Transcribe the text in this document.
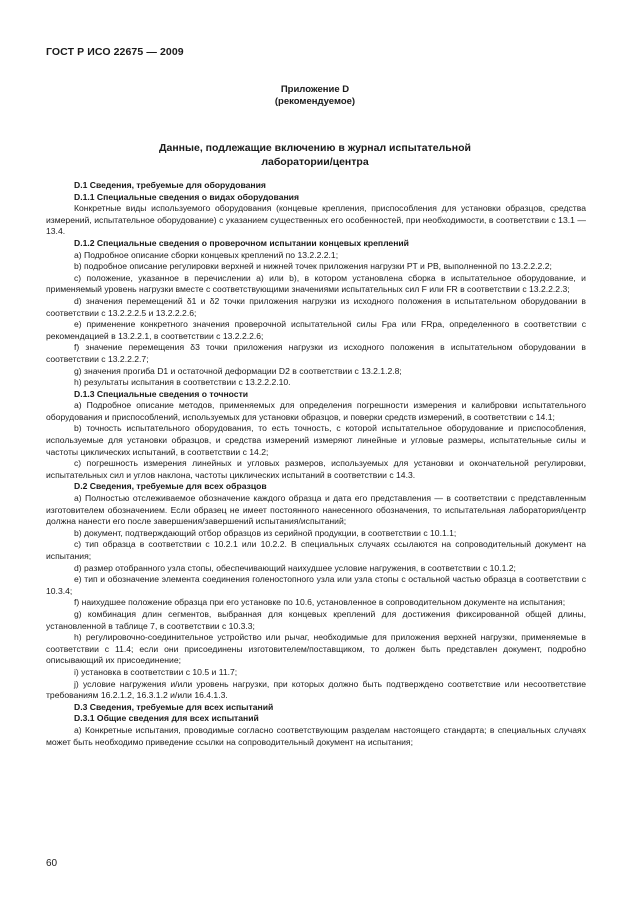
ГОСТ Р ИСО 22675 — 2009
Приложение D
(рекомендуемое)
Данные, подлежащие включению в журнал испытательной
лаборатории/центра
D.1 Сведения, требуемые для оборудования
D.1.1 Специальные сведения о видах оборудования
Конкретные виды используемого оборудования (концевые крепления, приспособления для установки образцов, средства измерений, испытательное оборудование) с указанием существенных его особенностей, при необходимости, в соответствии с 13.1 — 13.4.
D.1.2 Специальные сведения о проверочном испытании концевых креплений
а) Подробное описание сборки концевых креплений по 13.2.2.2.1;
b) подробное описание регулировки верхней и нижней точек приложения нагрузки PT и PB, выполненной по 13.2.2.2.2;
c) положение, указанное в перечислении а) или b), в котором установлена сборка в испытательное оборудование, и применяемый уровень нагрузки вместе с соответствующими значениями испытательных сил F или FR в соответствии с 13.2.2.2.3;
d) значения перемещений δ1 и δ2 точки приложения нагрузки из исходного положения в испытательном оборудовании в соответствии с 13.2.2.2.5 и 13.2.2.2.6;
е) применение конкретного значения проверочной испытательной силы Fpa или FRpa, определенного в соответствии с рекомендацией в 13.2.2.1, в соответствии с 13.2.2.2.6;
f) значение перемещения δ3 точки приложения нагрузки из исходного положения в испытательном оборудовании в соответствии с 13.2.2.2.7;
g) значения прогиба D1 и остаточной деформации D2 в соответствии с 13.2.1.2.8;
h) результаты испытания в соответствии с 13.2.2.2.10.
D.1.3 Специальные сведения о точности
а) Подробное описание методов, применяемых для определения погрешности измерения и калибровки испытательного оборудования и приспособлений, используемых для установки образцов, и поверки средств измерений, в соответствии с 14.1;
b) точность испытательного оборудования, то есть точность, с которой испытательное оборудование и приспособления, используемые для установки образцов, и средства измерений измеряют линейные и угловые размеры, испытательные силы и частоты циклических испытаний, в соответствии с 14.2;
c) погрешность измерения линейных и угловых размеров, используемых для установки и окончательной регулировки, испытательных сил и углов наклона, частоты циклических испытаний в соответствии с 14.3.
D.2 Сведения, требуемые для всех образцов
а) Полностью отслеживаемое обозначение каждого образца и дата его представления — в соответствии с представленным изготовителем обозначением. Если образец не имеет постоянного нанесенного обозначения, то испытательная лаборатория/центр должна нанести его после завершения/завершений испытания/испытаний;
b) документ, подтверждающий отбор образцов из серийной продукции, в соответствии с 10.1.1;
c) тип образца в соответствии с 10.2.1 или 10.2.2. В специальных случаях ссылаются на сопроводительный документ на испытания;
d) размер отобранного узла стопы, обеспечивающий наихудшее условие нагружения, в соответствии с 10.1.2;
е) тип и обозначение элемента соединения голеностопного узла или узла стопы с остальной частью образца в соответствии с 10.3.4;
f) наихудшее положение образца при его установке по 10.6, установленное в сопроводительном документе на испытания;
g) комбинация длин сегментов, выбранная для концевых креплений для достижения фиксированной общей длины, установленной в таблице 7, в соответствии с 10.3.3;
h) регулировочно-соединительное устройство или рычаг, необходимые для приложения верхней нагрузки, применяемые в соответствии с 11.4; если они присоединены изготовителем/поставщиком, то должен быть представлен документ, подробно описывающий их присоединение;
i) установка в соответствии с 10.5 и 11.7;
j) условие нагружения и/или уровень нагрузки, при которых должно быть подтверждено соответствие или несоответствие требованиям 16.2.1.2, 16.3.1.2 и/или 16.4.1.3.
D.3 Сведения, требуемые для всех испытаний
D.3.1 Общие сведения для всех испытаний
а) Конкретные испытания, проводимые согласно соответствующим разделам настоящего стандарта; в специальных случаях может быть необходимо приведение ссылки на сопроводительный документ на испытания;
60
